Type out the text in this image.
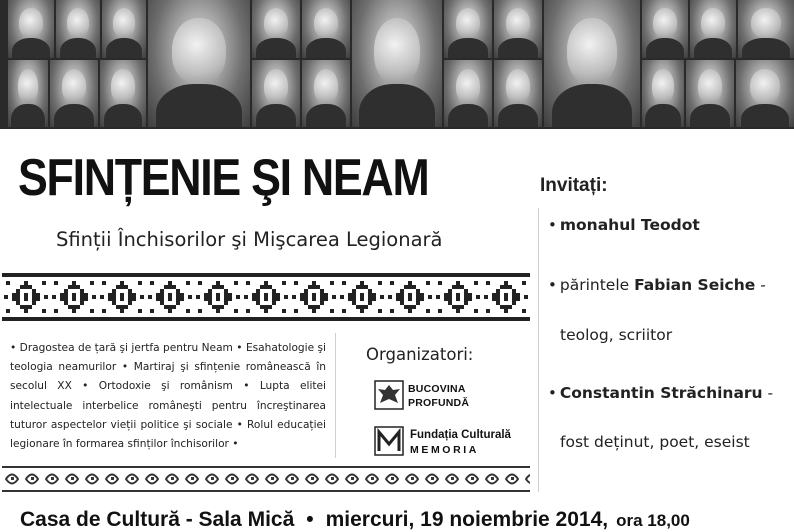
SFINȚENIE ŞI NEAM
Sfinții Închisorilor şi Mişcarea Legionară

• Dragostea de țară şi jertfa pentru Neam • Esahatologie şi teologia neamurilor • Martiraj şi sfințenie românească în secolul XX • Ortodoxie şi românism • Lupta elitei intelectuale interbelice româneşti pentru încreştinarea tuturor aspectelor vieții politice şi sociale • Rolul educației legionare în formarea sfinților închisorilor •

Organizatori:
BUCOVINA
PROFUNDĂ
Fundația Culturală
MEMORIA
Invitați:
• monahul Teodot
• părintele Fabian Seiche -
teolog, scriitor
• Constantin Străchinaru -
fost deținut, poet, eseist

Casa de Cultură - Sala Mică • miercuri, 19 noiembrie 2014, ora 18,00
